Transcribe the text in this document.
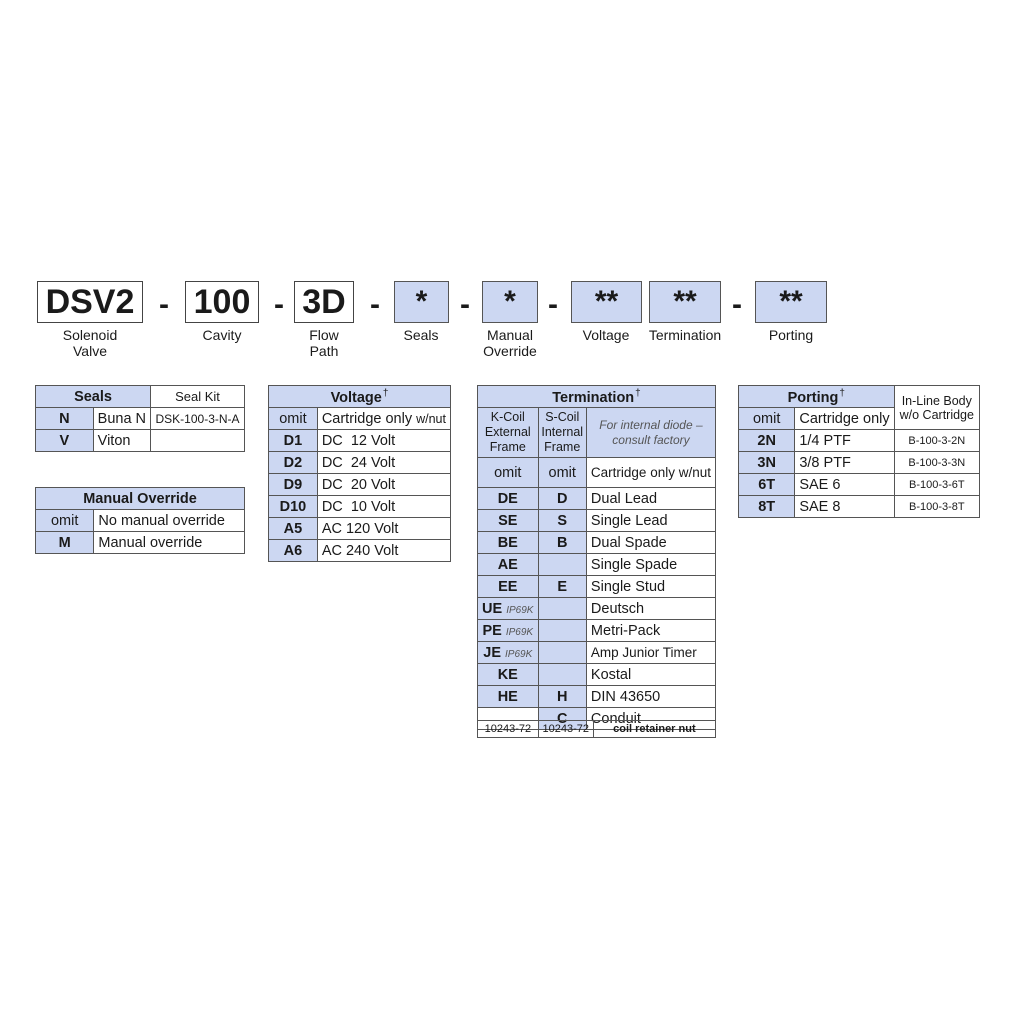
DSV2 - 100 - 3D -	*	-	*	-	**	**	-	**
Solenoid
Valve
Cavity	Flow
Path
Seals	Manual
Override
Voltage	Termination	Porting
Seals		Seal Kit
N	Buna N	DSK-100-3-N-A
V	Viton	
Manual Override	
omit	No manual override
M	Manual override
Voltage†
omit	Cartridge only w/nut
D1	DC  12 Volt
D2	DC  24 Volt
D9	DC  20 Volt
D10	DC  10 Volt
A5	AC 120 Volt
A6	AC 240 Volt
Termination†
K-Coil External Frame	S-Coil Internal Frame	For internal diode – consult factory
omit	omit	Cartridge only w/nut
DE	D	Dual Lead
SE	S	Single Lead
BE	B	Dual Spade
AE		Single Spade
EE	E	Single Stud
UE IP69K		Deutsch
PE IP69K		Metri-Pack
JE IP69K		Amp Junior Timer
KE		Kostal
HE	H	DIN 43650
	C	Conduit
10243-72	10243-72	coil retainer nut
Porting†		In-Line Body w/o Cartridge
omit	Cartridge only	
2N	1/4 PTF	B-100-3-2N
3N	3/8 PTF	B-100-3-3N
6T	SAE 6	B-100-3-6T
8T	SAE 8	B-100-3-8T
